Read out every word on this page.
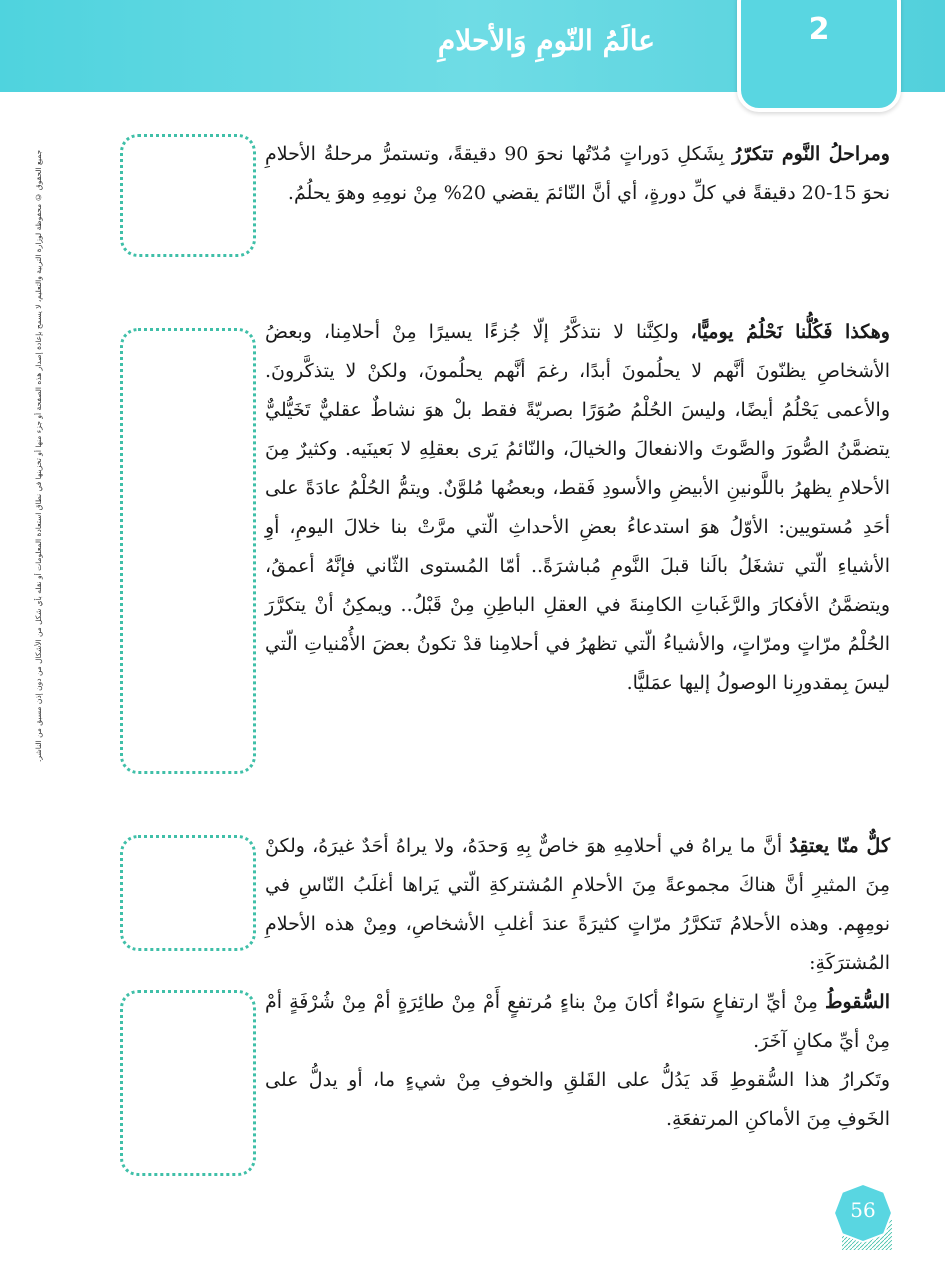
عالَمُ النّومِ وَالأحلامِ	2
جميع الحقوق © محفوظة لوزارة التربية والتعليم، لا يسمح بإعادة إصدار هذه الصفحة أو جزء منها أو تخزينها في نطاق استعادة المعلومات أو نقله بأي شكل من الأشكال من دون إذن مسبق من الناشر.	ومراحلُ النَّوم تتكرّرُ بِشَكلِ دَوراتٍ مُدّتُها نحوَ 90 دقيقةً، وتستمرُّ مرحلةُ الأحلامِ نحوَ 15-20 دقيقةً في كلِّ دورةٍ، أي أنَّ النّائمَ يقضي 20% مِنْ نومِهِ وهوَ يحلُمُ.

وهكذا فَكُلُّنا نَحْلُمُ يوميًّا، ولكِنَّنا لا نتذكَّرُ إلّا جُزءًا يسيرًا مِنْ أحلامِنا، وبعضُ الأشخاصِ يظنّونَ أنَّهم لا يحلُمونَ أبدًا، رغمَ أنَّهم يحلُمونَ، ولكنْ لا يتذكَّرونَ. والأعمى يَحْلُمُ أيضًا، وليسَ الحُلْمُ صُوَرًا بصريّةً فقط بلْ هوَ نشاطٌ عقليٌّ تَخَيُّليٌّ يتضمَّنُ الصُّورَ والصَّوتَ والانفعالَ والخيالَ، والنّائمُ يَرى بعقلِهِ لا بَعينَيه. وكثيرٌ مِنَ الأحلامِ يظهرُ باللَّونينِ الأبيضِ والأسودِ فَقط، وبعضُها مُلوَّنٌ. ويتمُّ الحُلْمُ عادَةً على أحَدِ مُستويين: الأوّلُ هوَ استدعاءُ بعضِ الأحداثِ الّتي مرَّتْ بنا خلالَ اليومِ، أوِ الأشياءِ الّتي تشغَلُ بالَنا قبلَ النَّومِ مُباشرَةً.. أمّا المُستوى الثّاني فإنَّهُ أعمقُ، ويتضمَّنُ الأفكارَ والرَّغَباتِ الكامِنةَ في العقلِ الباطِنِ مِنْ قَبْلُ.. ويمكِنُ أنْ يتكرَّرَ الحُلْمُ مرّاتٍ ومرّاتٍ، والأشياءُ الّتي تظهرُ في أحلامِنا قدْ تكونُ بعضَ الأُمْنياتِ الّتي ليسَ بِمقدورِنا الوصولُ إليها عمَليًّا.

كلٌّ منّا يعتقِدُ أنَّ ما يراهُ في أحلامِهِ هوَ خاصٌّ بِهِ وَحدَهُ، ولا يراهُ أحَدٌ غيرَهُ، ولكنْ مِنَ المثيرِ أنَّ هناكَ مجموعةً مِنَ الأحلامِ المُشتركةِ الّتي يَراها أغلَبُ النّاسِ في نومِهِم. وهذه الأحلامُ تَتكرَّرُ مرّاتٍ كثيرَةً عندَ أغلبِ الأشخاصِ، ومِنْ هذه الأحلامِ المُشترَكَةِ:

السُّقوطُ مِنْ أيِّ ارتفاعٍ سَواءٌ أكانَ مِنْ بناءٍ مُرتفعٍ أَمْ مِنْ طائِرَةٍ أمْ مِنْ شُرْفَةٍ أمْ مِنْ أيِّ مكانٍ آخَرَ.

وتَكرارُ هذا السُّقوطِ قَد يَدُلُّ على القَلقِ والخوفِ مِنْ شيءٍ ما، أو يدلُّ على الخَوفِ مِنَ الأماكنِ المرتفعَةِ.

56
